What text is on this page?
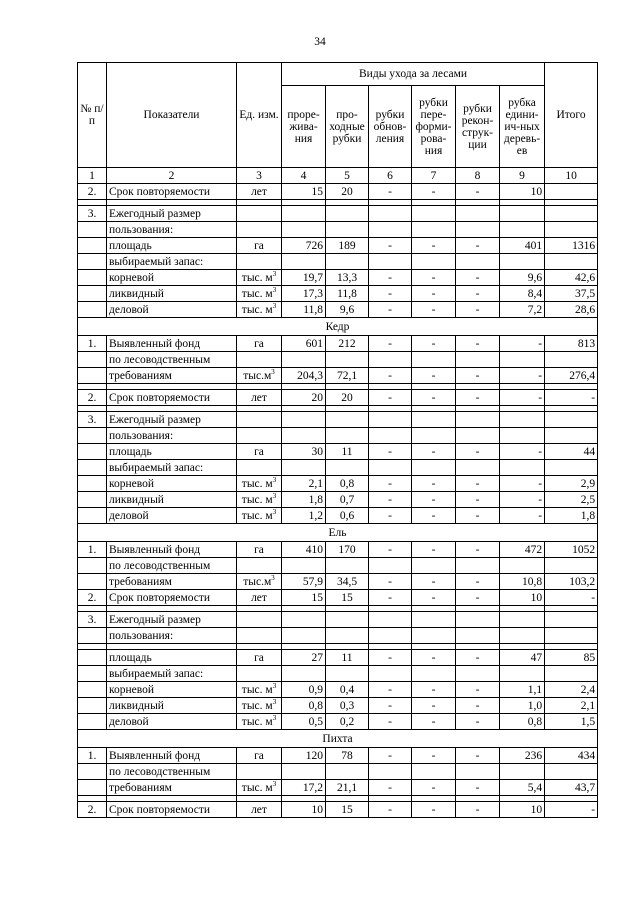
34
№ п/п	Показатели	Ед. изм.	Виды ухода за лесами						Итого
			проре-жива-ния	про-ходные рубки	рубки обнов-ления	рубки пере-форми-рова-ния	рубки рекон-струк-ции	рубка едини-ич-ных деревь-ев	
1	2	3	4	5	6	7	8	9	10
2.	Срок повторяемости	лет	15	20	-	-	-	10	

3.	Ежегодный размер								
	пользования:								
	площадь	га	726	189	-	-	-	401	1316
	выбираемый запас:								
	корневой	тыс. $м^3$	19,7	13,3	-	-	-	9,6	42,6
	ликвидный	тыс. $м^3$	17,3	11,8	-	-	-	8,4	37,5
	деловой	тыс. $м^3$	11,8	9,6	-	-	-	7,2	28,6
Кедр									
1.	Выявленный фонд	га	601	212	-	-	-	-	813
	по лесоводственным								
	требованиям	$тыс.м^3$	204,3	72,1	-	-	-	-	276,4

2.	Срок повторяемости	лет	20	20	-	-	-	-	-

3.	Ежегодный размер								
	пользования:								
	площадь	га	30	11	-	-	-	-	44
	выбираемый запас:								
	корневой	тыс. $м^3$	2,1	0,8	-	-	-	-	2,9
	ликвидный	тыс. $м^3$	1,8	0,7	-	-	-	-	2,5
	деловой	тыс. $м^3$	1,2	0,6	-	-	-	-	1,8
Ель									
1.	Выявленный фонд	га	410	170	-	-	-	472	1052
	по лесоводственным								
	требованиям	$тыс.м^3$	57,9	34,5	-	-	-	10,8	103,2
2.	Срок повторяемости	лет	15	15	-	-	-	10	-

3.	Ежегодный размер								
	пользования:								

	площадь	га	27	11	-	-	-	47	85
	выбираемый запас:								
	корневой	тыс. $м^3$	0,9	0,4	-	-	-	1,1	2,4
	ликвидный	тыс. $м^3$	0,8	0,3	-	-	-	1,0	2,1
	деловой	тыс. $м^3$	0,5	0,2	-	-	-	0,8	1,5
Пихта									
1.	Выявленный фонд	га	120	78	-	-	-	236	434
	по лесоводственным								
	требованиям	тыс. $м^3$	17,2	21,1	-	-	-	5,4	43,7

2.	Срок повторяемости	лет	10	15	-	-	-	10	-
